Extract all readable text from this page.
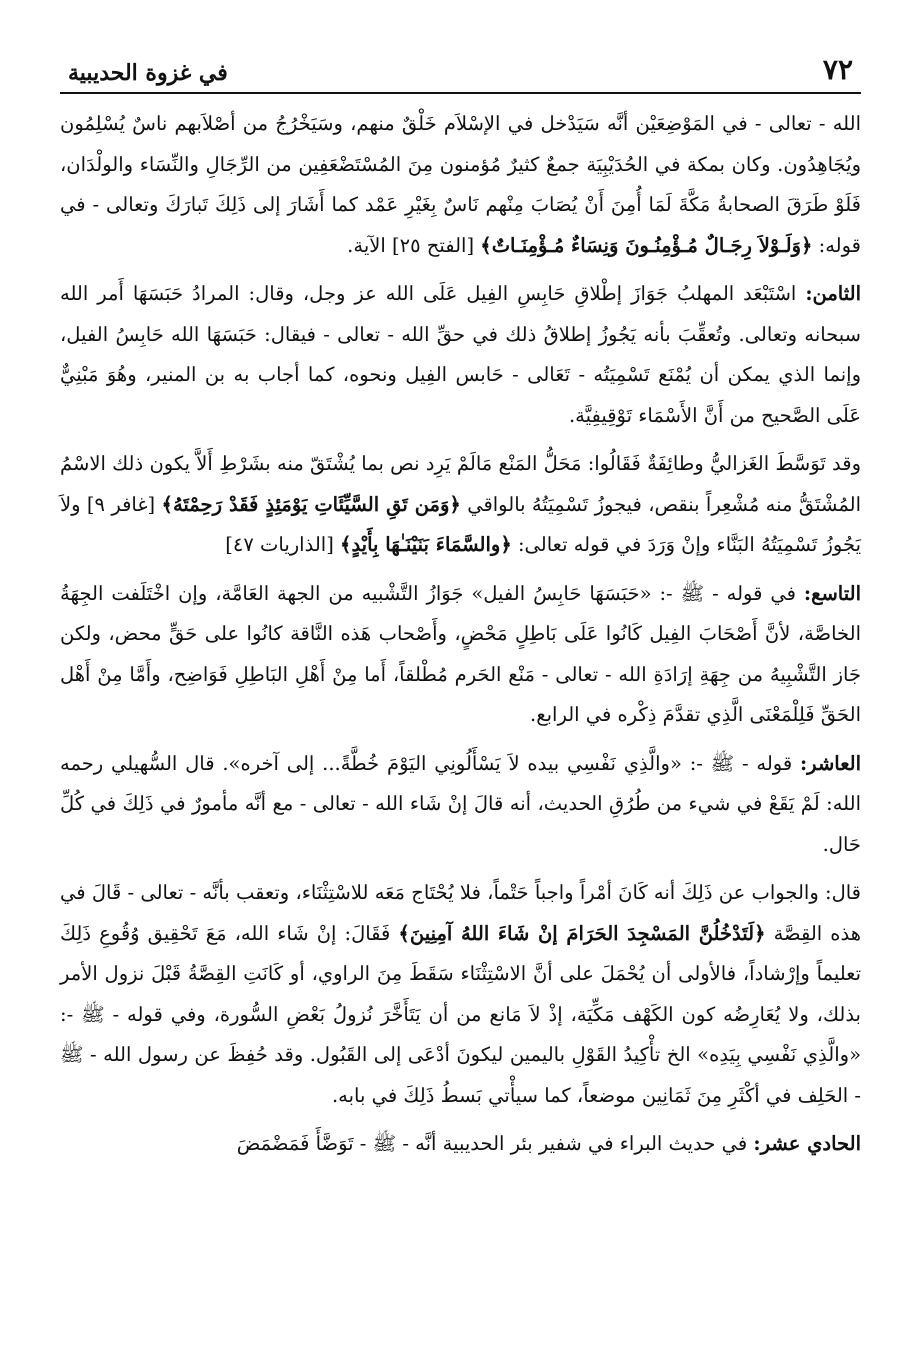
٧٢
في غزوة الحديبية

الله - تعالى - في المَوْضِعَيْن أنَّه سَيَدْخل في الإسْلاَم خَلْقٌ منهم، وسَيَخْرُجُ من أصْلاَبهم ناسٌ يُسْلِمُون ويُجَاهِدُون. وكان بمكة في الحُدَيْبِيَة جمعٌ كثيرٌ مُؤمنون مِنَ المُسْتَضْعَفِين من الرِّجَالِ والنِّسَاء والولْدَان، فَلَوْ طَرَقَ الصحابةُ مَكَّةَ لَمَا أُمِنَ أَنْ يُصَابَ مِنْهم نَاسٌ بِغَيْرِ عَمْد كما أَشَارَ إلى ذَلِكَ تَبارَكَ وتعالى - في قوله: ﴿وَلَـوْلاَ رِجَـالٌ مُـؤْمِنُـونَ وَنِسَاءٌ مُـؤْمِنَـاتٌ﴾ [الفتح ٢٥] الآية.

الثامن: اسْتَبْعَد المهلبُ جَوَازَ إطْلاقِ حَابِسِ الفِيل عَلَى الله عز وجل، وقال: المرادُ حَبَسَهَا أَمر الله سبحانه وتعالى. وتُعقِّبَ بأنه يَجُوزُ إطلاقُ ذلك في حقِّ الله - تعالى - فيقال: حَبَسَهَا الله حَابِسُ الفيل، وإنما الذي يمكن أن يُمْنَع تَسْمِيَتُه - تَعَالى - حَابس الفِيل ونحوه، كما أجاب به بن المنير، وهُوَ مَبْنِيٌّ عَلَى الصَّحيح من أَنَّ الأَسْمَاء تَوْقِيفِيَّة.

وقد تَوَسَّطَ الغَزاليُّ وطائِفَةٌ فَقَالُوا: مَحَلُّ المَنْع مَالَمْ يَرِد نص بما يُشْتَقّ منه بشَرْطِ أَلاَّ يكون ذلك الاسْمُ المُشْتَقُّ منه مُشْعِراً بنقص، فيجوزُ تَسْمِيَتُهُ بالواقي ﴿وَمَن تَقِ السَّيِّئَاتِ يَوْمَئِذٍ فَقَدْ رَحِمْتَهُ﴾ [غافر ٩] ولاَ يَجُوزُ تَسْمِيَتُهُ البَنَّاء وإنْ وَرَدَ في قوله تعالى: ﴿والسَّمَاءَ بَنَيْنَـٰهَا بِأَيْدٍ﴾ [الذاريات ٤٧]

التاسع: في قوله - ﷺ -: «حَبَسَهَا حَابِسُ الفيل» جَوَازُ التَّشْبيه من الجهة العَامَّة، وإن اخْتَلَفت الجِهَةُ الخاصَّة، لأنَّ أَصْحَابَ الفِيل كَانُوا عَلَى بَاطِلٍ مَحْضٍ، وأَصْحاب هَذه النَّاقة كانُوا على حَقٍّ محض، ولكن جَاز التَّشْبِيهُ من جِهَةِ إرَادَةِ الله - تعالى - مَنْع الحَرم مُطْلقاً، أَما مِنْ أَهْلِ البَاطِلِ فَوَاضِح، وأَمَّا مِنْ أَهْل الحَقِّ فَلِلْمَعْنَى الَّذِي تقدَّمَ ذِكْره في الرابع.

العاشر: قوله - ﷺ -: «والَّذِي نَفْسِي بيده لاَ يَسْأَلُونِي اليَوْمَ خُطَّةً... إلى آخره». قال السُّهيلي رحمه الله: لَمْ يَقَعْ في شيء من طُرُقِ الحديث، أنه قالَ إنْ شَاء الله - تعالى - مع أنَّه مأمورٌ في ذَلِكَ في كُلِّ حَال.

قال: والجواب عن ذَلِكَ أنه كَانَ أمْراً واجباً حَتْماً، فلا يُحْتَاج مَعَه للاسْتِثْنَاء، وتعقب بأنَّه - تعالى - قَالَ في هذه القِصَّة ﴿لَتَدْخُلُنَّ المَسْجِدَ الحَرَامَ إنْ شَاءَ اللهُ آمِنِينَ﴾ فَقَالَ: إنْ شَاء الله، مَعَ تَحْقِيق وُقُوعِ ذَلِكَ تعليماً وإرْشاداً، فالأولى أن يُحْمَلَ على أنَّ الاسْتِثْنَاء سَقَطَ مِنَ الراوي، أو كَانَتِ القِصَّةُ قَبْلَ نزول الأمر بذلك، ولا يُعَارِضُه كون الكَهْف مَكِّيَة، إذْ لاَ مَانع من أن يَتَأَخَّرَ نُزولُ بَعْضِ السُّورة، وفي قوله - ﷺ -: «والَّذِي نَفْسِي بِيَدِه» الخ تأْكِيدُ القَوْلِ باليمين ليكونَ أدْعَى إلى القَبُول. وقد حُفِظَ عن رسول الله - ﷺ - الحَلِف في أكْثَرِ مِنَ ثَمَانِين موضعاً، كما سيأْتي بَسطُ ذَلِكَ في بابه.

الحادي عشر: في حديث البراء في شفير بئر الحديبية أنَّه - ﷺ - تَوَضَّأَ فَمَضْمَضَ
